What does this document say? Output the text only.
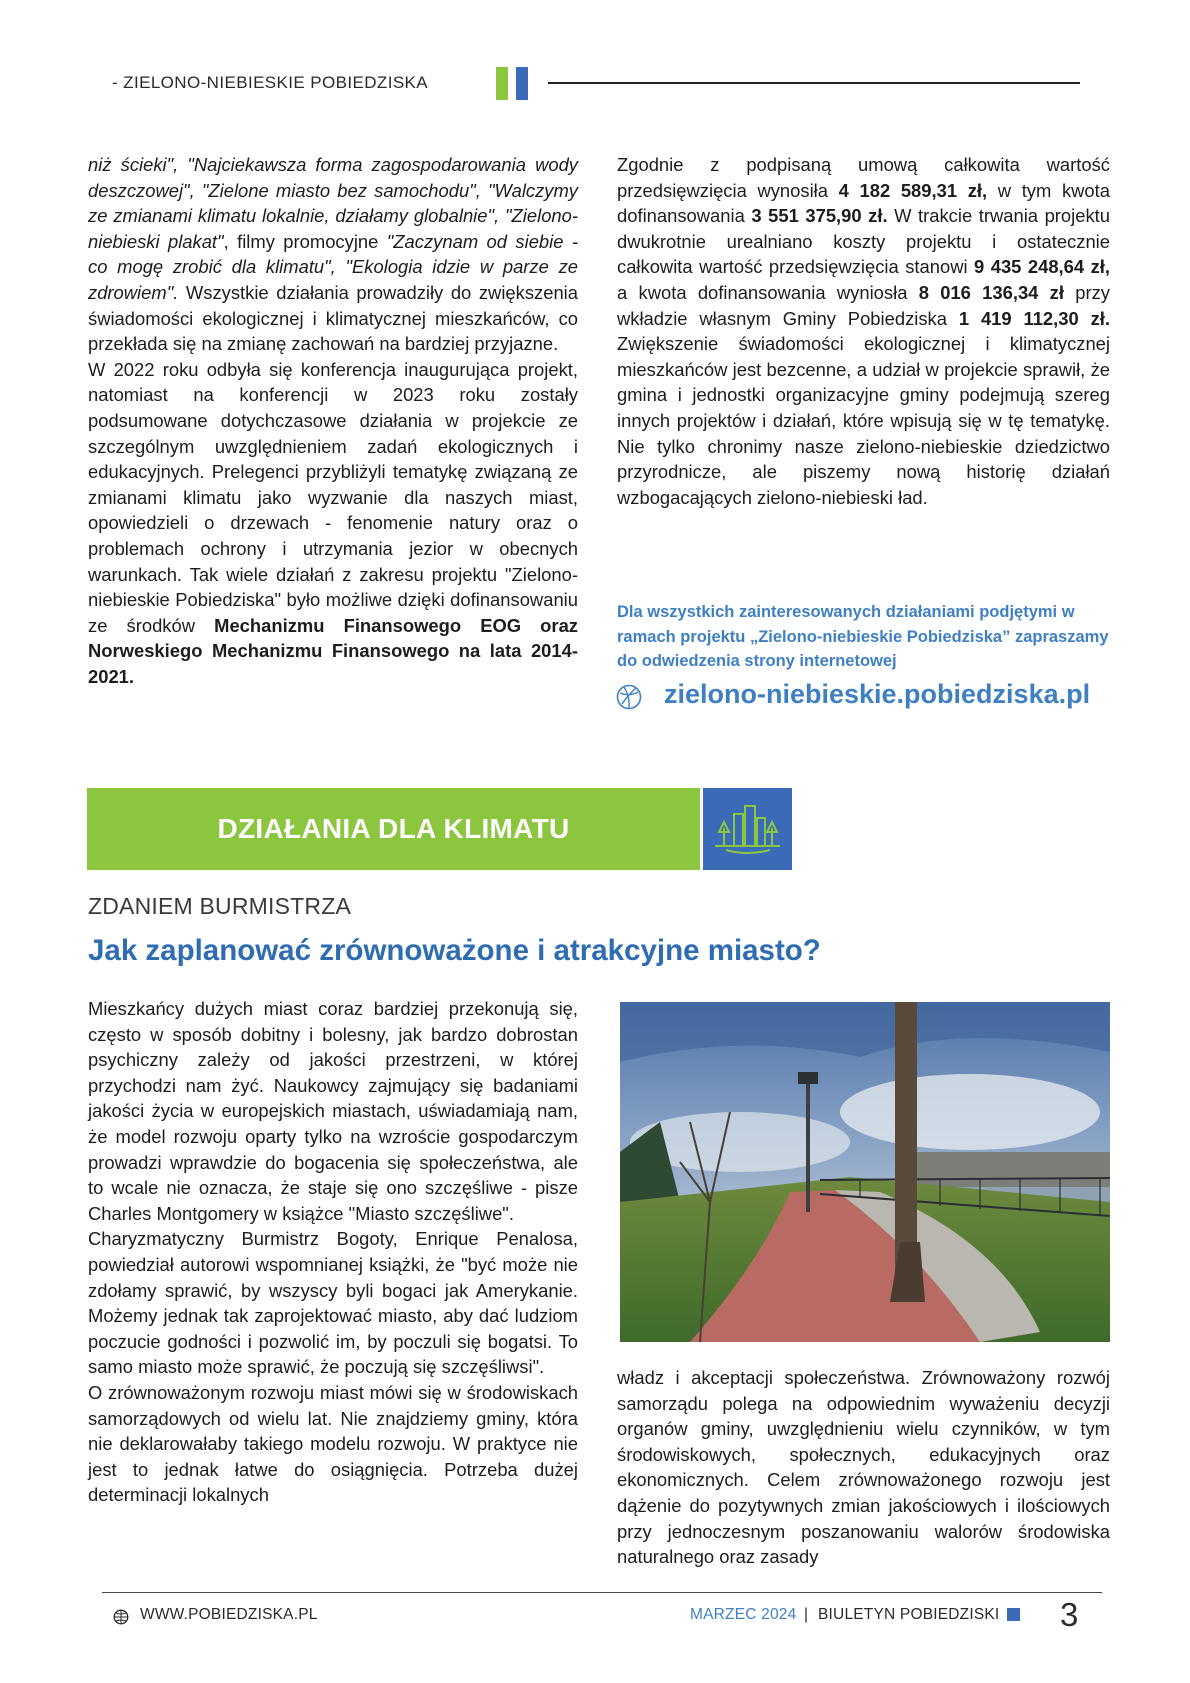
- ZIELONO-NIEBIESKIE POBIEDZISKA

niż ścieki", "Najciekawsza forma zagospodarowania wody deszczowej", "Zielone miasto bez samochodu", "Walczymy ze zmianami klimatu lokalnie, działamy globalnie", "Zielono-niebieski plakat", filmy promocyjne "Zaczynam od siebie - co mogę zrobić dla klimatu", "Ekologia idzie w parze ze zdrowiem". Wszystkie działania prowadziły do zwiększenia świadomości ekologicznej i klimatycznej mieszkańców, co przekłada się na zmianę zachowań na bardziej przyjazne.

W 2022 roku odbyła się konferencja inaugurująca projekt, natomiast na konferencji w 2023 roku zostały podsumowane dotychczasowe działania w projekcie ze szczególnym uwzględnieniem zadań ekologicznych i edukacyjnych. Prelegenci przybliżyli tematykę związaną ze zmianami klimatu jako wyzwanie dla naszych miast, opowiedzieli o drzewach - fenomenie natury oraz o problemach ochrony i utrzymania jezior w obecnych warunkach. Tak wiele działań z zakresu projektu "Zielono-niebieskie Pobiedziska" było możliwe dzięki dofinansowaniu ze środków Mechanizmu Finansowego EOG oraz Norweskiego Mechanizmu Finansowego na lata 2014-2021.

Zgodnie z podpisaną umową całkowita wartość przedsięwzięcia wynosiła 4 182 589,31 zł, w tym kwota dofinansowania 3 551 375,90 zł. W trakcie trwania projektu dwukrotnie urealniano koszty projektu i ostatecznie całkowita wartość przedsięwzięcia stanowi 9 435 248,64 zł, a kwota dofinansowania wyniosła 8 016 136,34 zł przy wkładzie własnym Gminy Pobiedziska 1 419 112,30 zł. Zwiększenie świadomości ekologicznej i klimatycznej mieszkańców jest bezcenne, a udział w projekcie sprawił, że gmina i jednostki organizacyjne gminy podejmują szereg innych projektów i działań, które wpisują się w tę tematykę. Nie tylko chronimy nasze zielono-niebieskie dziedzictwo przyrodnicze, ale piszemy nową historię działań wzbogacających zielono-niebieski ład.

Dla wszystkich zainteresowanych działaniami podjętymi w ramach projektu „Zielono-niebieskie Pobiedziska” zapraszamy do odwiedzenia strony internetowej
zielono-niebieskie.pobiedziska.pl
DZIAŁANIA DLA KLIMATU
ZDANIEM BURMISTRZA
Jak zaplanować zrównoważone i atrakcyjne miasto?

Mieszkańcy dużych miast coraz bardziej przekonują się, często w sposób dobitny i bolesny, jak bardzo dobrostan psychiczny zależy od jakości przestrzeni, w której przychodzi nam żyć. Naukowcy zajmujący się badaniami jakości życia w europejskich miastach, uświadamiają nam, że model rozwoju oparty tylko na wzroście gospodarczym prowadzi wprawdzie do bogacenia się społeczeństwa, ale to wcale nie oznacza, że staje się ono szczęśliwe - pisze Charles Montgomery w książce "Miasto szczęśliwe".

Charyzmatyczny Burmistrz Bogoty, Enrique Penalosa, powiedział autorowi wspomnianej książki, że "być może nie zdołamy sprawić, by wszyscy byli bogaci jak Amerykanie. Możemy jednak tak zaprojektować miasto, aby dać ludziom poczucie godności i pozwolić im, by poczuli się bogatsi. To samo miasto może sprawić, że poczują się szczęśliwsi".

O zrównoważonym rozwoju miast mówi się w środowiskach samorządowych od wielu lat. Nie znajdziemy gminy, która nie deklarowałaby takiego modelu rozwoju. W praktyce nie jest to jednak łatwe do osiągnięcia. Potrzeba dużej determinacji lokalnych

władz i akceptacji społeczeństwa. Zrównoważony rozwój samorządu polega na odpowiednim wyważeniu decyzji organów gminy, uwzględnieniu wielu czynników, w tym środowiskowych, społecznych, edukacyjnych oraz ekonomicznych. Celem zrównoważonego rozwoju jest dążenie do pozytywnych zmian jakościowych i ilościowych przy jednoczesnym poszanowaniu walorów środowiska naturalnego oraz zasady

WWW.POBIEDZISKA.PL	MARZEC 2024 | BIULETYN POBIEDZISKI 3
